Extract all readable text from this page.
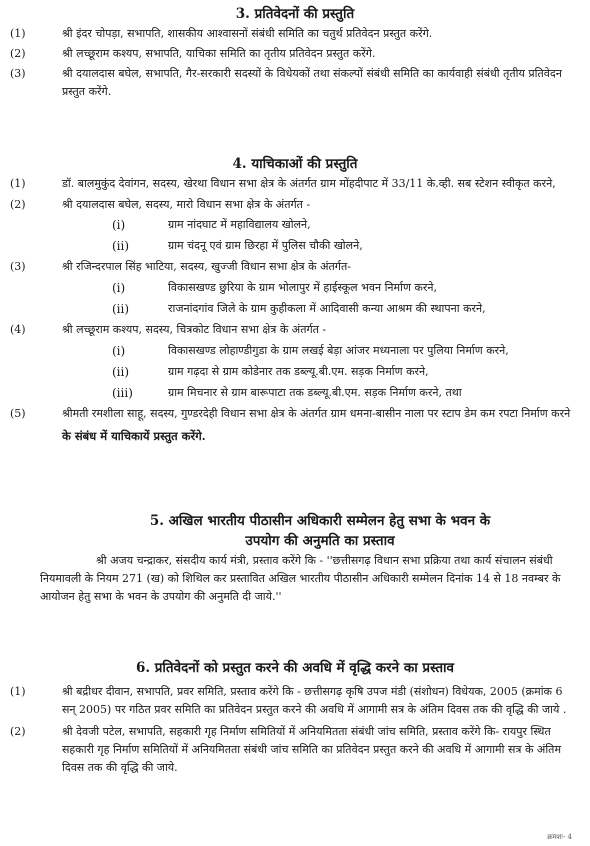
3. प्रतिवेदनों की प्रस्तुति
(1)	श्री इंदर चोपड़ा, सभापति, शासकीय आश्वासनों संबंधी समिति का चतुर्थ प्रतिवेदन प्रस्तुत करेंगे.
(2)	श्री लच्छूराम कश्यप, सभापति, याचिका समिति का तृतीय प्रतिवेदन प्रस्तुत करेंगे.
(3)	श्री दयालदास बघेल, सभापति, गैर-सरकारी सदस्यों के विधेयकों तथा संकल्पों संबंधी समिति का कार्यवाही संबंधी तृतीय प्रतिवेदन प्रस्तुत करेंगे.
4. याचिकाओं की प्रस्तुति
(1)	डॉ. बालमुकुंद देवांगन, सदस्य, खेरथा विधान सभा क्षेत्र के अंतर्गत ग्राम मोंहदीपाट में 33/11 के.व्ही. सब स्टेशन स्वीकृत करने,
(2)	श्री दयालदास बघेल, सदस्य, मारो विधान सभा क्षेत्र के अंतर्गत -
(i)	ग्राम नांदघाट में महाविद्यालय खोलने,
(ii)	ग्राम चंदनू एवं ग्राम छिरहा में पुलिस चौकी खोलने,
(3)	श्री रजिन्दरपाल सिंह भाटिया, सदस्य, खुज्जी विधान सभा क्षेत्र के अंतर्गत-
(i)	विकासखण्ड छुरिया के ग्राम भोलापुर में हाईस्कूल भवन निर्माण करने,
(ii)	राजनांदगांव जिले के ग्राम कुहीकला में आदिवासी कन्या आश्रम की स्थापना करने,
(4)	श्री लच्छूराम कश्यप, सदस्य, चित्रकोट विधान सभा क्षेत्र के अंतर्गत -
(i)	विकासखण्ड लोहाण्डीगुडा के ग्राम लखई बेड़ा आंजर मध्यनाला पर पुलिया निर्माण करने,
(ii)	ग्राम गढ़दा से ग्राम कोडेनार तक डब्ल्यू.बी.एम. सड़क निर्माण करने,
(iii)	ग्राम मिचनार से ग्राम बारूपाटा तक डब्ल्यू.बी.एम. सड़क निर्माण करने, तथा
(5)	श्रीमती रमशीला साहू, सदस्य, गुण्डरदेही विधान सभा क्षेत्र के अंतर्गत ग्राम धमना-बासीन नाला पर स्टाप डेम कम रपटा निर्माण करने
के संबंध में याचिकायें प्रस्तुत करेंगे.
5. अखिल भारतीय पीठासीन अधिकारी सम्मेलन हेतु सभा के भवन के
उपयोग की अनुमति का प्रस्ताव
श्री अजय चन्द्राकर, संसदीय कार्य मंत्री, प्रस्ताव करेंगे कि - ''छत्तीसगढ़ विधान सभा प्रक्रिया तथा कार्य संचालन संबंधी नियमावली के नियम 271 (ख) को शिथिल कर प्रस्तावित अखिल भारतीय पीठासीन अधिकारी सम्मेलन दिनांक 14 से 18 नवम्बर के आयोजन हेतु सभा के भवन के उपयोग की अनुमति दी जाये.''
6. प्रतिवेदनों को प्रस्तुत करने की अवधि में वृद्धि करने का प्रस्ताव
(1)	श्री बद्रीधर दीवान, सभापति, प्रवर समिति, प्रस्ताव करेंगे कि - छत्तीसगढ़ कृषि उपज मंडी (संशोधन) विधेयक, 2005 (क्रमांक 6 सन् 2005) पर गठित प्रवर समिति का प्रतिवेदन प्रस्तुत करने की अवधि में आगामी सत्र के अंतिम दिवस तक की वृद्धि की जाये .
(2)	श्री देवजी पटेल, सभापति, सहकारी गृह निर्माण समितियों में अनियमितता संबंधी जांच समिति, प्रस्ताव करेंगे कि- रायपुर स्थित सहकारी गृह निर्माण समितियों में अनियमितता संबंधी जांच समिति का प्रतिवेदन प्रस्तुत करने की अवधि में आगामी सत्र के अंतिम दिवस तक की वृद्धि की जाये.
क्रमशः- 4
